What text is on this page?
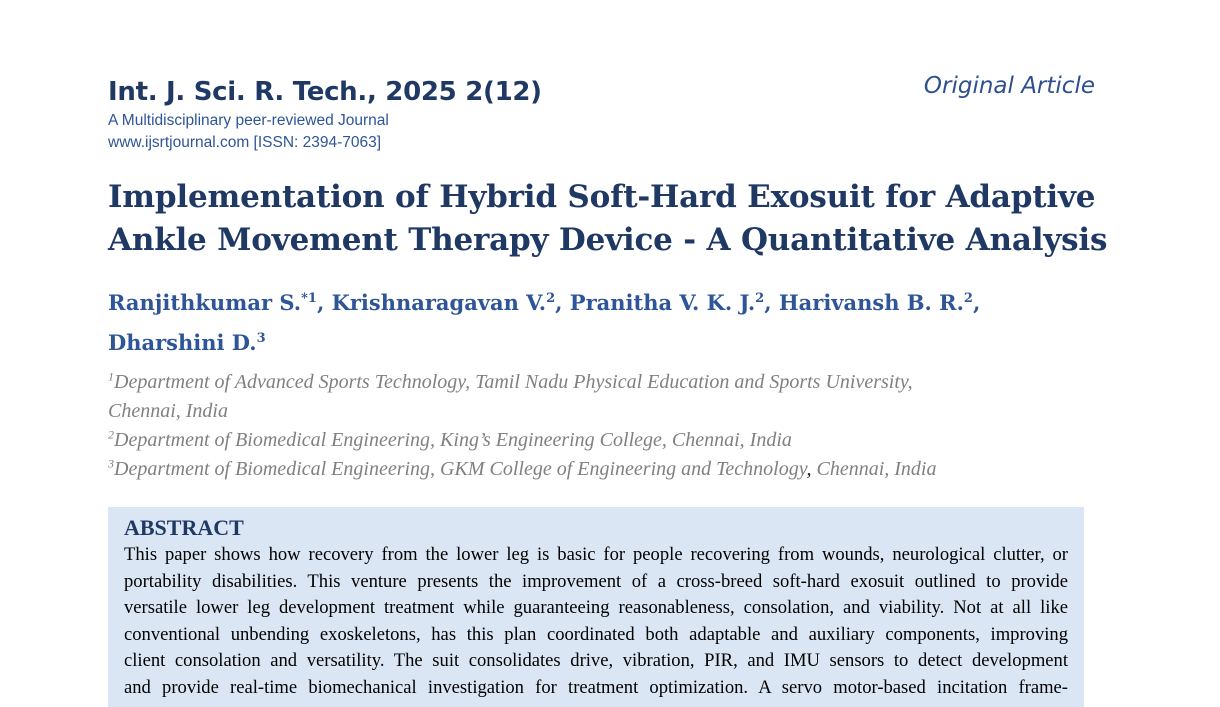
Int. J. Sci. R. Tech., 2025 2(12)
A Multidisciplinary peer-reviewed Journal
www.ijsrtjournal.com [ISSN: 2394-7063]
Original Article
Implementation of Hybrid Soft-Hard Exosuit for Adaptive
Ankle Movement Therapy Device - A Quantitative Analysis
Ranjithkumar S.$^{*1}$, Krishnaragavan V.$^2$, Pranitha V. K. J.$^2$, Harivansh B. R.$^2$,
Dharshini D.$^3$
$^1$Department of Advanced Sports Technology, Tamil Nadu Physical Education and Sports University,
Chennai, India
$^2$Department of Biomedical Engineering, King’s Engineering College, Chennai, India
$^3$Department of Biomedical Engineering, GKM College of Engineering and Technology, Chennai, India
ABSTRACT
This paper shows how recovery from the lower leg is basic for people recovering from wounds, neurological clutter, or
portability disabilities. This venture presents the improvement of a cross-breed soft-hard exosuit outlined to provide
versatile lower leg development treatment while guaranteeing reasonableness, consolation, and viability. Not at all like
conventional unbending exoskeletons, has this plan coordinated both adaptable and auxiliary components, improving
client consolation and versatility. The suit consolidates drive, vibration, PIR, and IMU sensors to detect development
and provide real-time biomechanical investigation for treatment optimization. A servo motor-based incitation frame-
